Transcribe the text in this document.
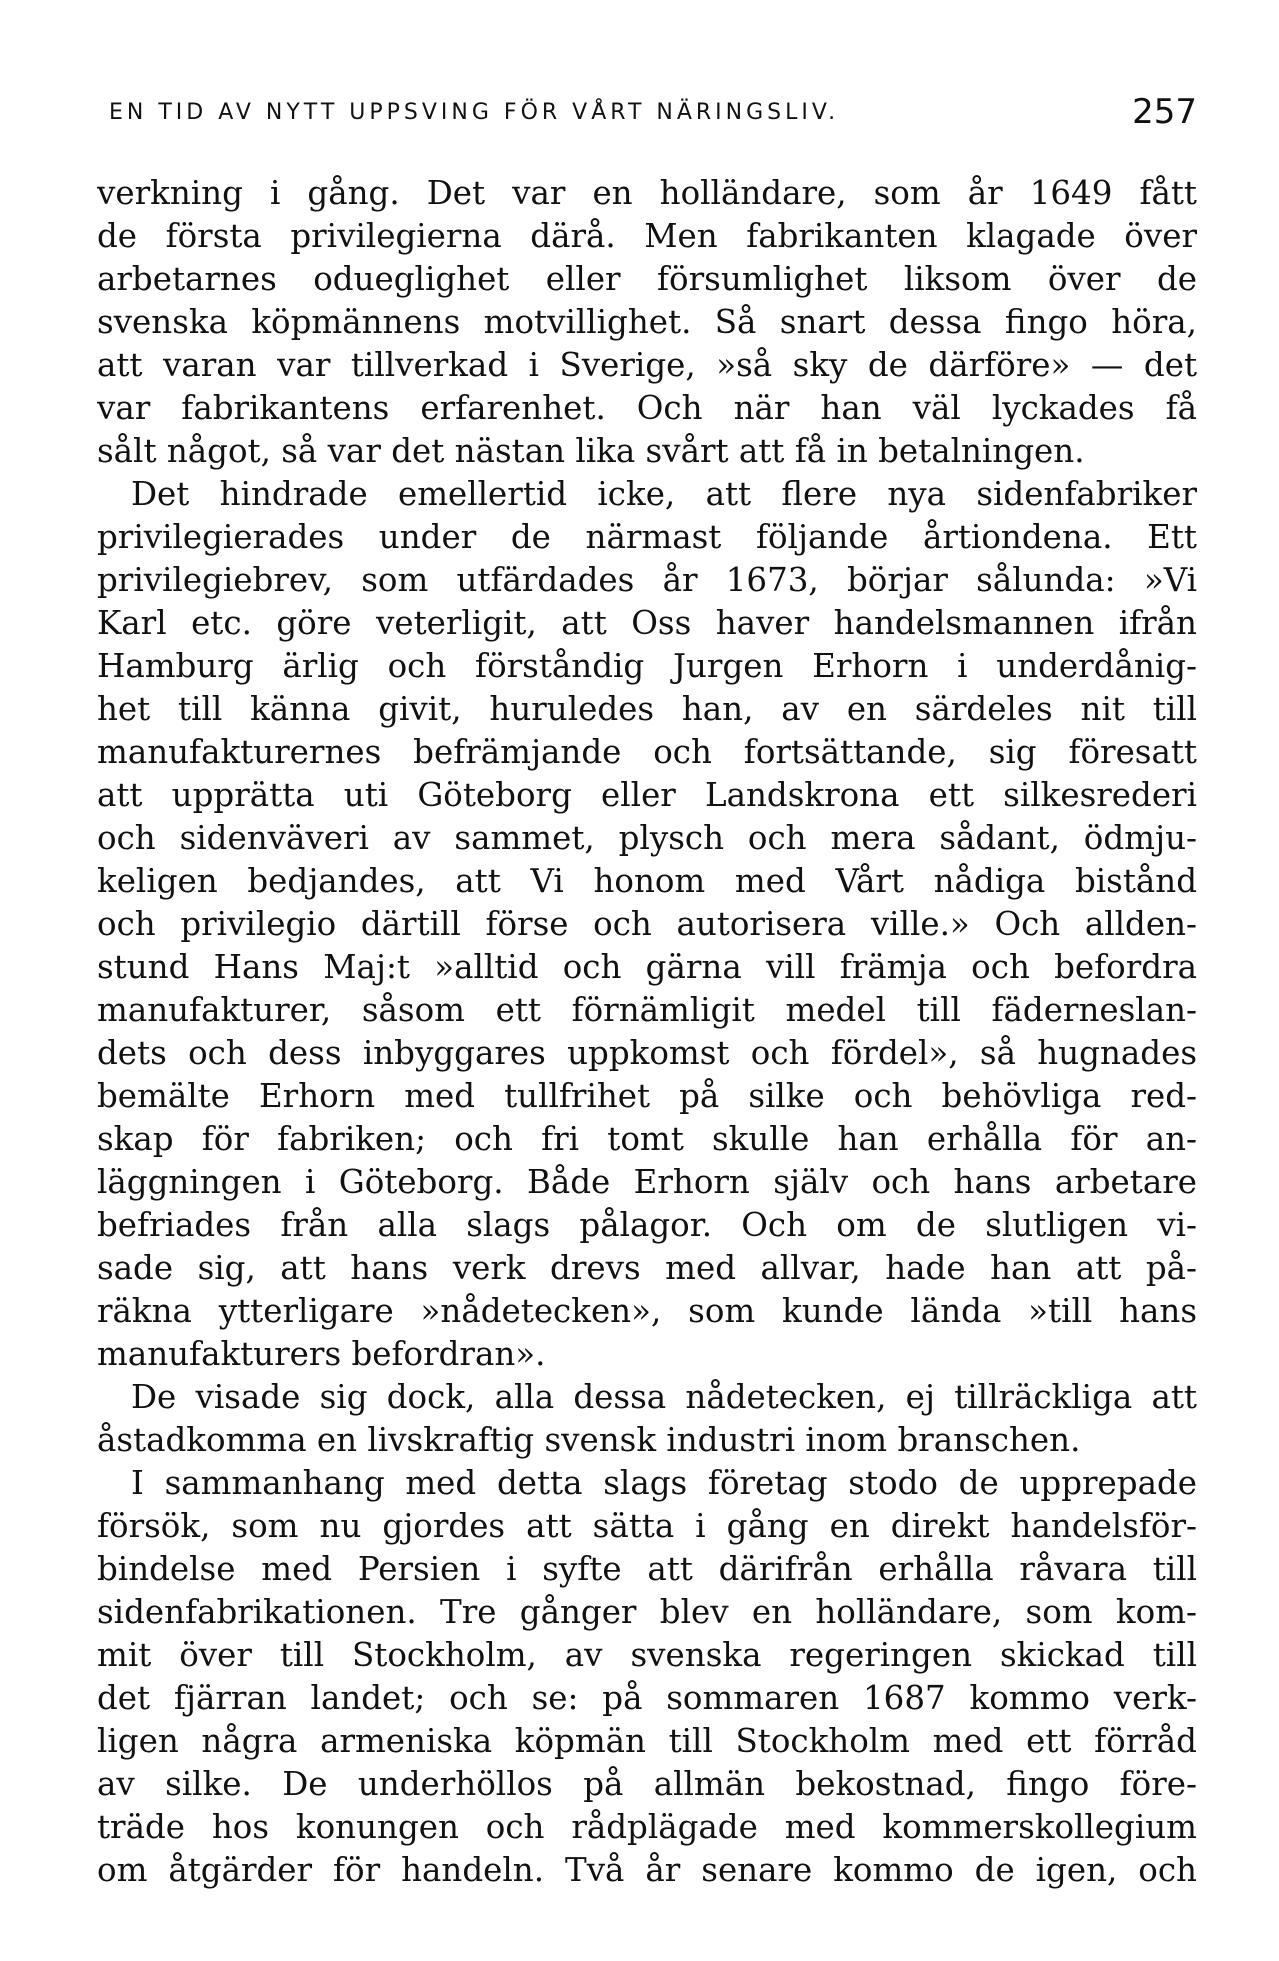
EN TID AV NYTT UPPSVING FÖR VÅRT NÄRINGSLIV.	257
verkning i gång. Det var en holländare, som år 1649 fått
de första privilegierna därå. Men fabrikanten klagade över
arbetarnes odueglighet eller försumlighet liksom över de
svenska köpmännens motvillighet. Så snart dessa fingo höra,
att varan var tillverkad i Sverige, »så sky de därföre» — det
var fabrikantens erfarenhet. Och när han väl lyckades få
sålt något, så var det nästan lika svårt att få in betalningen.
Det hindrade emellertid icke, att flere nya sidenfabriker
privilegierades under de närmast följande årtiondena. Ett
privilegiebrev, som utfärdades år 1673, börjar sålunda: »Vi
Karl etc. göre veterligit, att Oss haver handelsmannen ifrån
Hamburg ärlig och förståndig Jurgen Erhorn i underdånig-
het till känna givit, huruledes han, av en särdeles nit till
manufakturernes befrämjande och fortsättande, sig föresatt
att upprätta uti Göteborg eller Landskrona ett silkesrederi
och sidenväveri av sammet, plysch och mera sådant, ödmju-
keligen bedjandes, att Vi honom med Vårt nådiga bistånd
och privilegio därtill förse och autorisera ville.» Och allden-
stund Hans Maj:t »alltid och gärna vill främja och befordra
manufakturer, såsom ett förnämligit medel till fäderneslan-
dets och dess inbyggares uppkomst och fördel», så hugnades
bemälte Erhorn med tullfrihet på silke och behövliga red-
skap för fabriken; och fri tomt skulle han erhålla för an-
läggningen i Göteborg. Både Erhorn själv och hans arbetare
befriades från alla slags pålagor. Och om de slutligen vi-
sade sig, att hans verk drevs med allvar, hade han att på-
räkna ytterligare »nådetecken», som kunde lända »till hans
manufakturers befordran».
De visade sig dock, alla dessa nådetecken, ej tillräckliga att
åstadkomma en livskraftig svensk industri inom branschen.
I sammanhang med detta slags företag stodo de upprepade
försök, som nu gjordes att sätta i gång en direkt handelsför-
bindelse med Persien i syfte att därifrån erhålla råvara till
sidenfabrikationen. Tre gånger blev en holländare, som kom-
mit över till Stockholm, av svenska regeringen skickad till
det fjärran landet; och se: på sommaren 1687 kommo verk-
ligen några armeniska köpmän till Stockholm med ett förråd
av silke. De underhöllos på allmän bekostnad, fingo före-
träde hos konungen och rådplägade med kommerskollegium
om åtgärder för handeln. Två år senare kommo de igen, och
